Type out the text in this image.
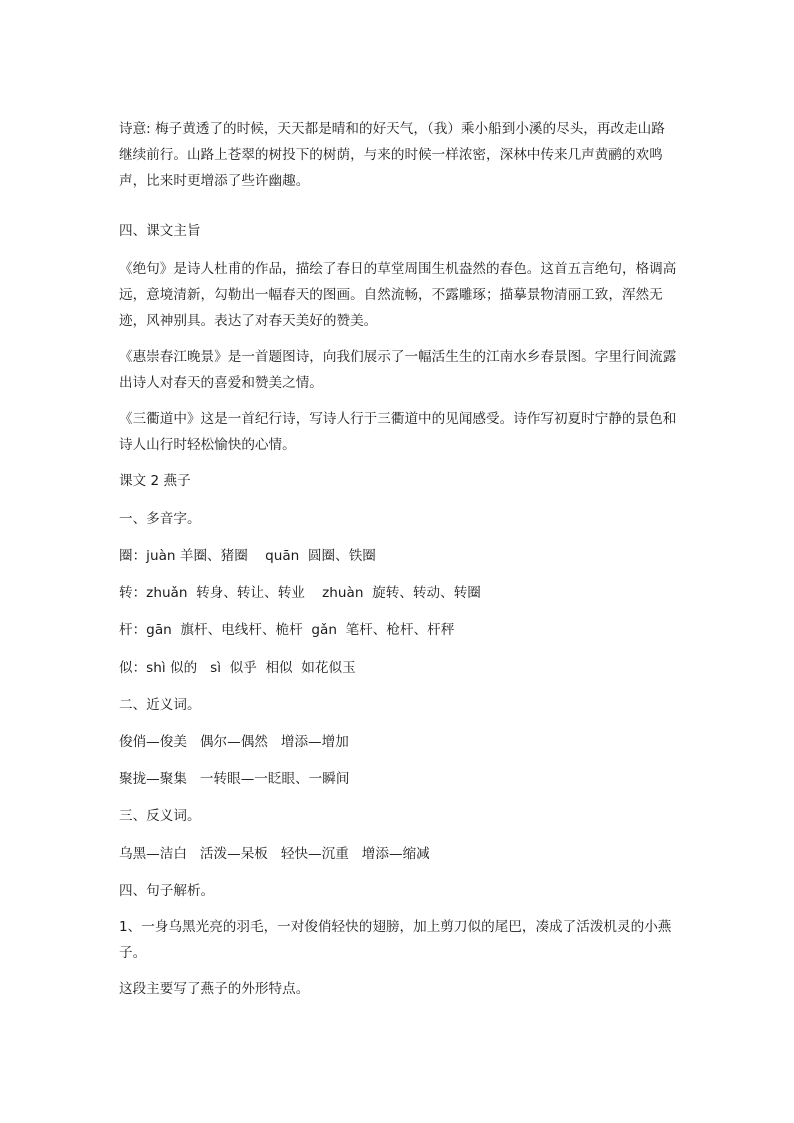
诗意: 梅子黄透了的时候，天天都是晴和的好天气，（我）乘小船到小溪的尽头，再改走山路继续前行。山路上苍翠的树投下的树荫，与来的时候一样浓密，深林中传来几声黄鹂的欢鸣声，比来时更增添了些许幽趣。

四、课文主旨

《绝句》是诗人杜甫的作品，描绘了春日的草堂周围生机盎然的春色。这首五言绝句，格调高远，意境清新，勾勒出一幅春天的图画。自然流畅，不露雕琢；描摹景物清丽工致，浑然无迹，风神别具。表达了对春天美好的赞美。

《惠崇春江晚景》是一首题图诗，向我们展示了一幅活生生的江南水乡春景图。字里行间流露出诗人对春天的喜爱和赞美之情。

《三衢道中》这是一首纪行诗，写诗人行于三衢道中的见闻感受。诗作写初夏时宁静的景色和诗人山行时轻松愉快的心情。

课文 2 燕子

一、多音字。

圈：juàn 羊圈、猪圈    quān  圆圈、铁圈

转：zhuǎn  转身、转让、转业    zhuàn  旋转、转动、转圈

杆：gān  旗杆、电线杆、桅杆  gǎn  笔杆、枪杆、杆秤

似：shì 似的   sì  似乎  相似  如花似玉

二、近义词。

俊俏—俊美   偶尔—偶然   增添—增加

聚拢—聚集   一转眼—一眨眼、一瞬间

三、反义词。

乌黑—洁白   活泼—呆板   轻快—沉重   增添—缩减

四、句子解析。

1、一身乌黑光亮的羽毛，一对俊俏轻快的翅膀，加上剪刀似的尾巴，凑成了活泼机灵的小燕子。

这段主要写了燕子的外形特点。
